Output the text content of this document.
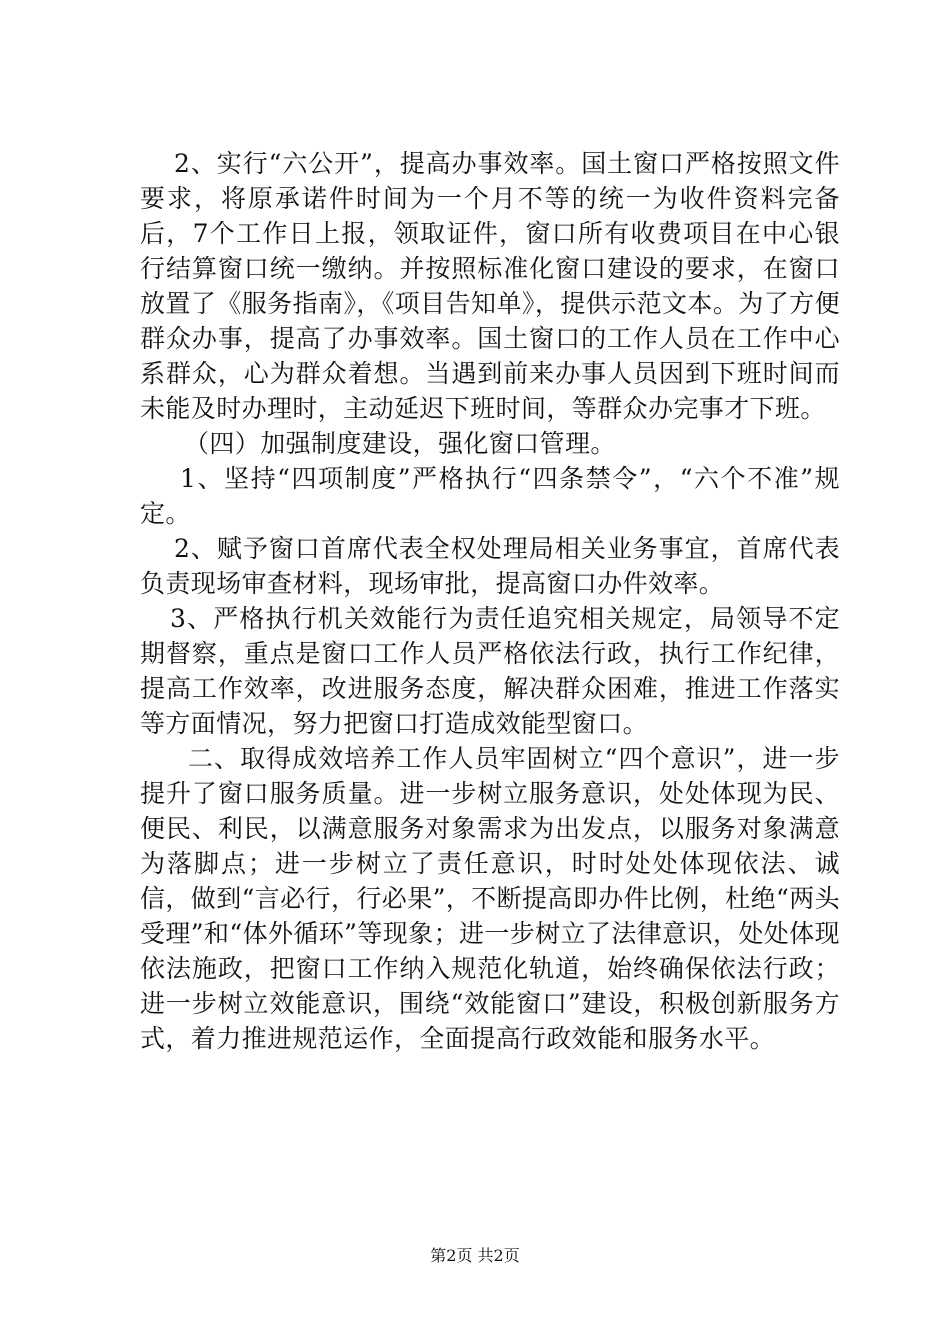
2、实行“六公开”，提高办事效率。国土窗口严格按照文件要求，将原承诺件时间为一个月不等的统一为收件资料完备后，7个工作日上报，领取证件，窗口所有收费项目在中心银行结算窗口统一缴纳。并按照标准化窗口建设的要求，在窗口放置了《服务指南》，《项目告知单》，提供示范文本。为了方便群众办事，提高了办事效率。国土窗口的工作人员在工作中心系群众，心为群众着想。当遇到前来办事人员因到下班时间而未能及时办理时，主动延迟下班时间，等群众办完事才下班。

（四）加强制度建设，强化窗口管理。

1、坚持“四项制度”严格执行“四条禁令”，“六个不准”规定。

2、赋予窗口首席代表全权处理局相关业务事宜，首席代表负责现场审查材料，现场审批，提高窗口办件效率。

3、严格执行机关效能行为责任追究相关规定，局领导不定期督察，重点是窗口工作人员严格依法行政，执行工作纪律，提高工作效率，改进服务态度，解决群众困难，推进工作落实等方面情况，努力把窗口打造成效能型窗口。

二、取得成效培养工作人员牢固树立“四个意识”，进一步提升了窗口服务质量。进一步树立服务意识，处处体现为民、便民、利民，以满意服务对象需求为出发点，以服务对象满意为落脚点；进一步树立了责任意识，时时处处体现依法、诚信，做到“言必行，行必果”，不断提高即办件比例，杜绝“两头受理”和“体外循环”等现象；进一步树立了法律意识，处处体现依法施政，把窗口工作纳入规范化轨道，始终确保依法行政；进一步树立效能意识，围绕“效能窗口”建设，积极创新服务方式，着力推进规范运作，全面提高行政效能和服务水平。

第2页 共2页
